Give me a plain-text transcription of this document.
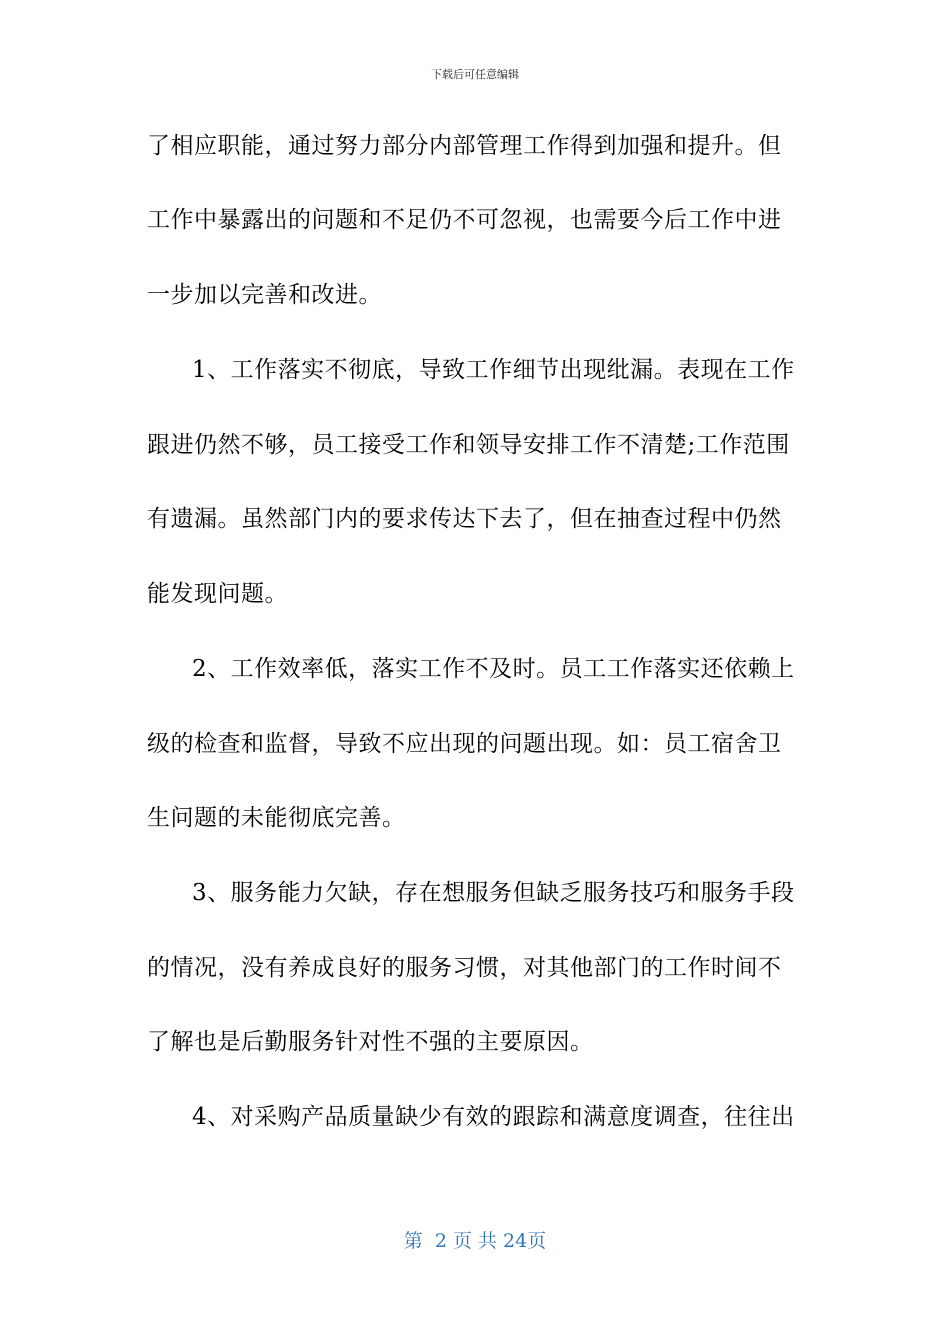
下载后可任意编辑
了相应职能，通过努力部分内部管理工作得到加强和提升。但
工作中暴露出的问题和不足仍不可忽视，也需要今后工作中进
一步加以完善和改进。
1、工作落实不彻底，导致工作细节出现纰漏。表现在工作
跟进仍然不够，员工接受工作和领导安排工作不清楚;工作范围
有遗漏。虽然部门内的要求传达下去了，但在抽查过程中仍然
能发现问题。
2、工作效率低，落实工作不及时。员工工作落实还依赖上
级的检查和监督，导致不应出现的问题出现。如：员工宿舍卫
生问题的未能彻底完善。
3、服务能力欠缺，存在想服务但缺乏服务技巧和服务手段
的情况，没有养成良好的服务习惯，对其他部门的工作时间不
了解也是后勤服务针对性不强的主要原因。
4、对采购产品质量缺少有效的跟踪和满意度调查，往往出
第  2 页 共 24页
